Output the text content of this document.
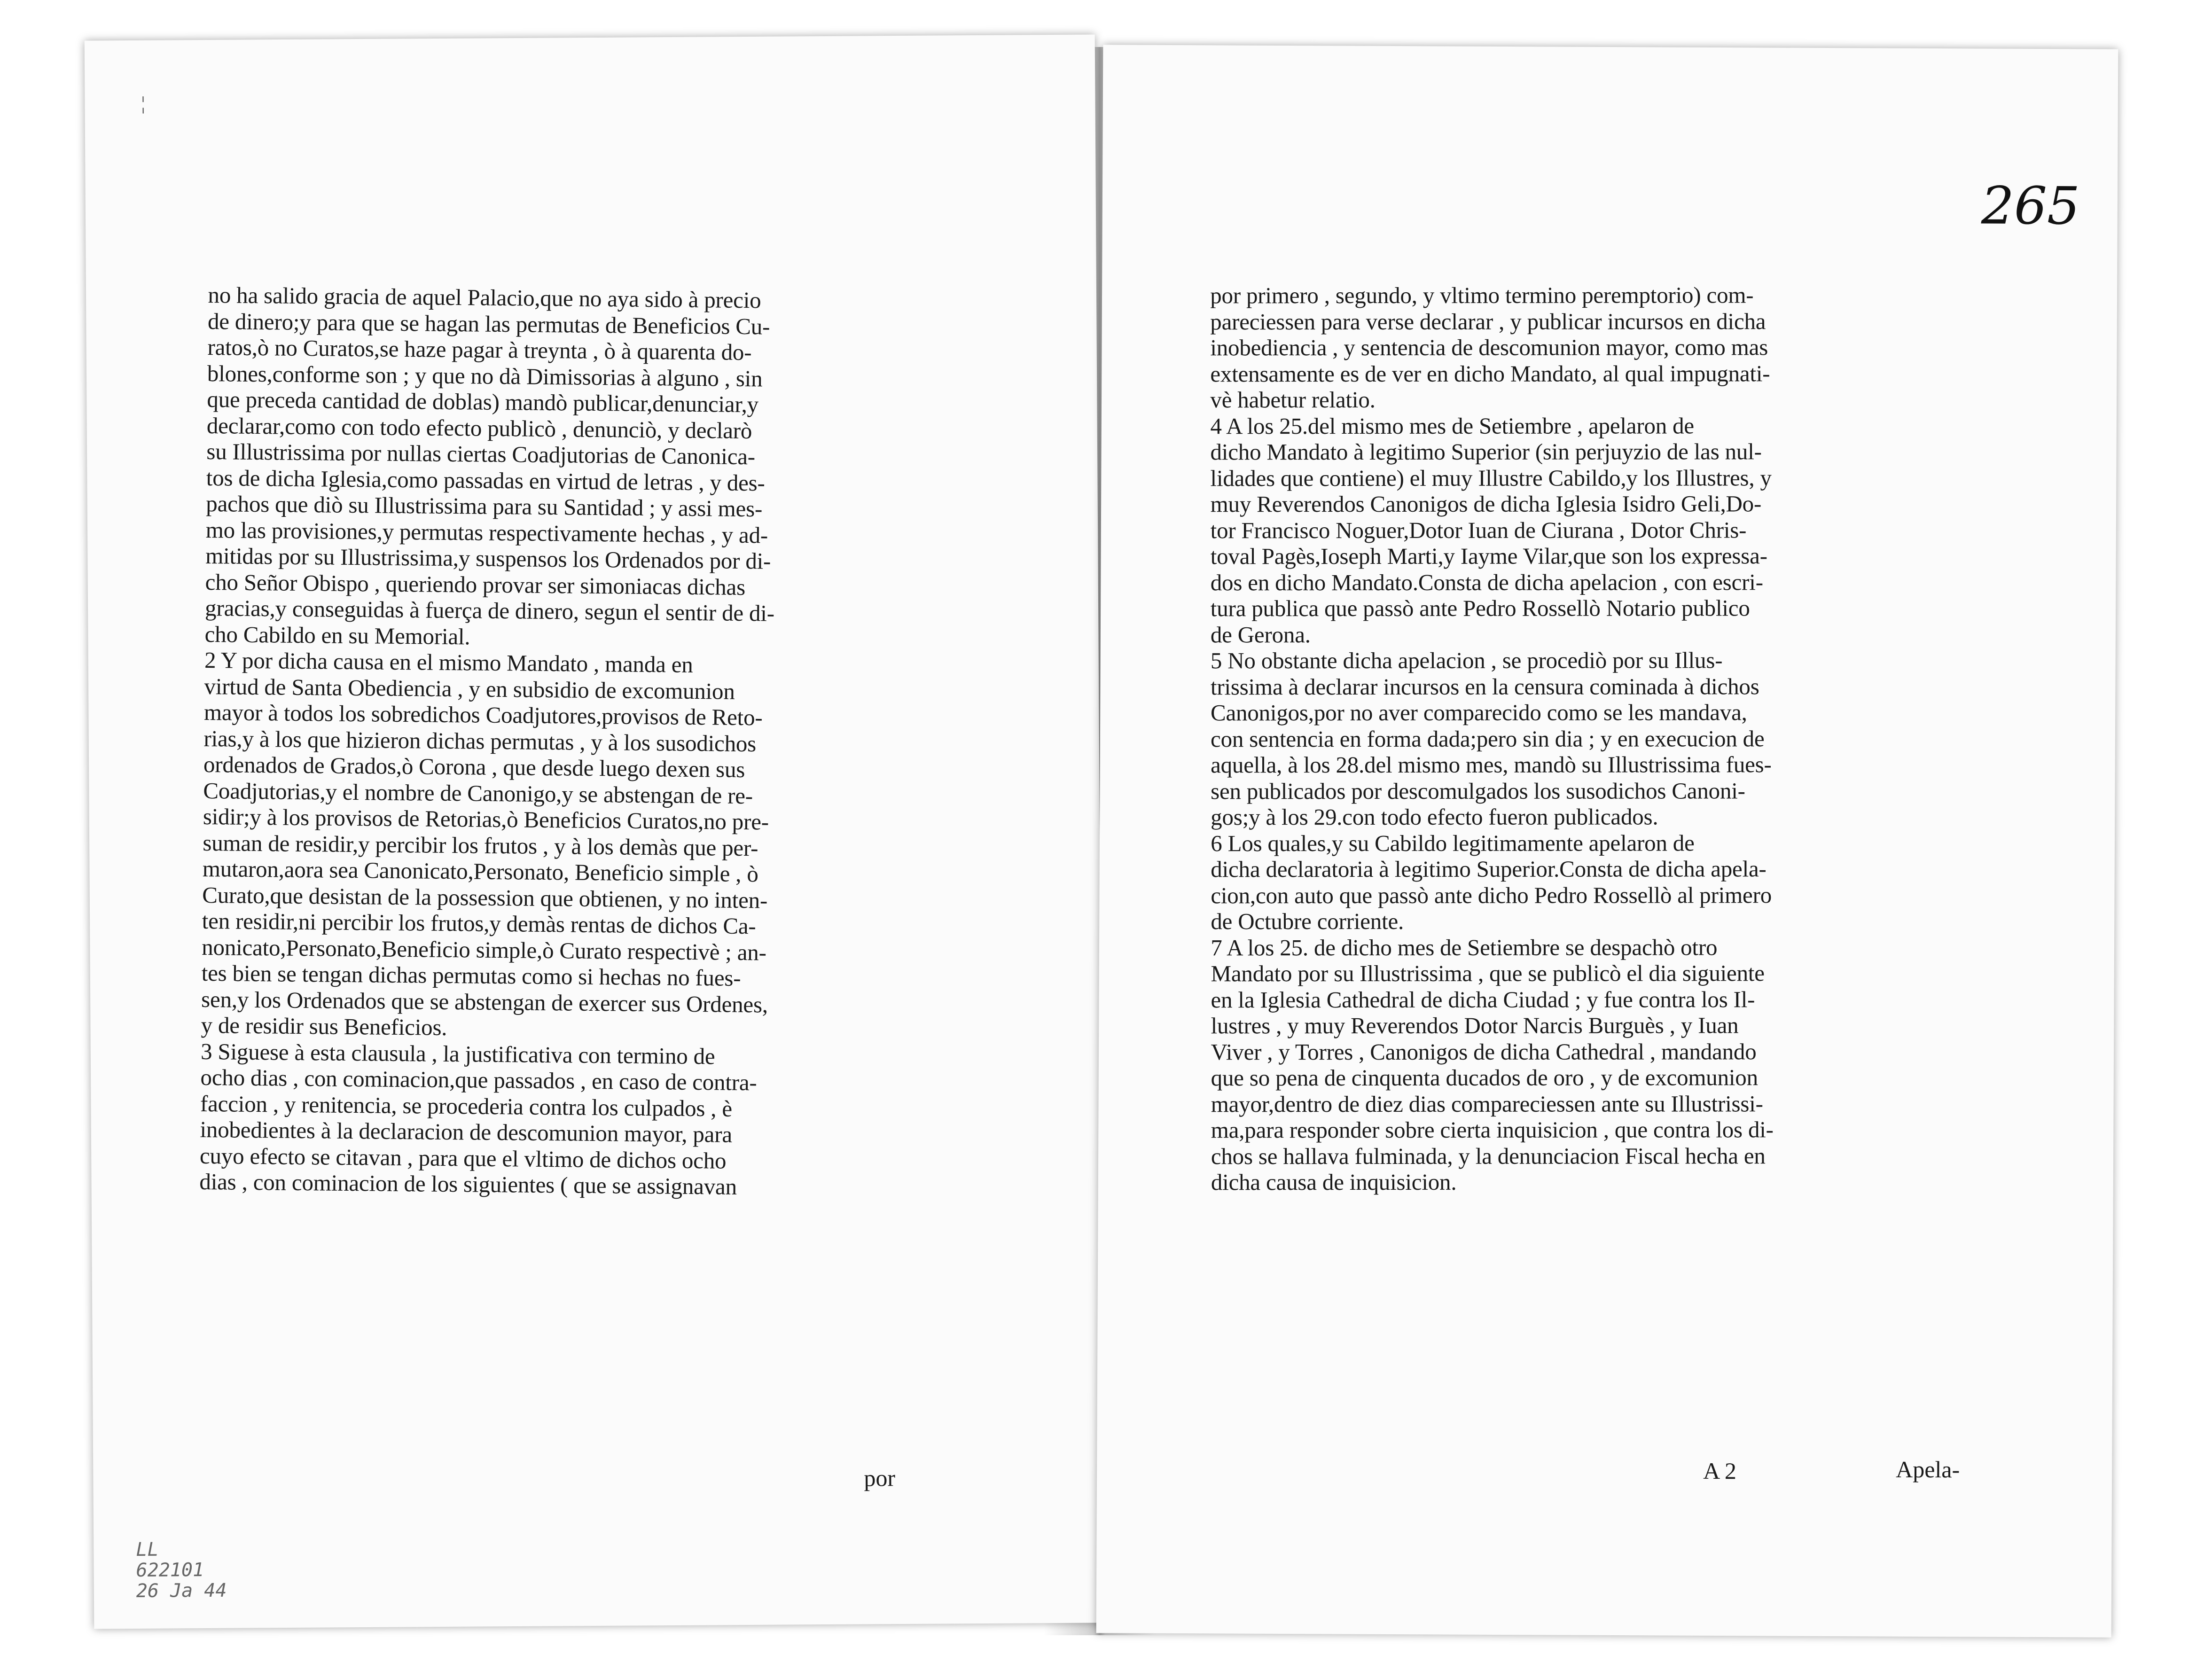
¦
no ha salido gracia de aquel Palacio,que no aya sido à precio
de dinero;y para que se hagan las permutas de Beneficios Cu-
ratos,ò no Curatos,se haze pagar à treynta , ò à quarenta do-
blones,conforme son ; y que no dà Dimissorias à alguno , sin
que preceda cantidad de doblas) mandò publicar,denunciar,y
declarar,como con todo efecto publicò , denunciò, y declarò
su Illustrissima por nullas ciertas Coadjutorias de Canonica-
tos de dicha Iglesia,como passadas en virtud de letras , y des-
pachos que diò su Illustrissima para su Santidad ; y assi mes-
mo las provisiones,y permutas respectivamente hechas , y ad-
mitidas por su Illustrissima,y suspensos los Ordenados por di-
cho Señor Obispo , queriendo provar ser simoniacas dichas
gracias,y conseguidas à fuerça de dinero, segun el sentir de di-
cho Cabildo en su Memorial.
2 Y por dicha causa en el mismo Mandato , manda en
virtud de Santa Obediencia , y en subsidio de excomunion
mayor à todos los sobredichos Coadjutores,provisos de Reto-
rias,y à los que hizieron dichas permutas , y à los susodichos
ordenados de Grados,ò Corona , que desde luego dexen sus
Coadjutorias,y el nombre de Canonigo,y se abstengan de re-
sidir;y à los provisos de Retorias,ò Beneficios Curatos,no pre-
suman de residir,y percibir los frutos , y à los demàs que per-
mutaron,aora sea Canonicato,Personato, Beneficio simple , ò
Curato,que desistan de la possession que obtienen, y no inten-
ten residir,ni percibir los frutos,y demàs rentas de dichos Ca-
nonicato,Personato,Beneficio simple,ò Curato respectivè ; an-
tes bien se tengan dichas permutas como si hechas no fues-
sen,y los Ordenados que se abstengan de exercer sus Ordenes,
y de residir sus Beneficios.
3 Siguese à esta clausula , la justificativa con termino de
ocho dias , con cominacion,que passados , en caso de contra-
faccion , y renitencia, se procederia contra los culpados , è
inobedientes à la declaracion de descomunion mayor, para
cuyo efecto se citavan , para que el vltimo de dichos ocho
dias , con cominacion de los siguientes ( que se assignavan
por
LL
622101
26 Ja 44
265
por primero , segundo, y vltimo termino peremptorio) com-
pareciessen para verse declarar , y publicar incursos en dicha
inobediencia , y sentencia de descomunion mayor, como mas
extensamente es de ver en dicho Mandato, al qual impugnati-
vè habetur relatio.
4 A los 25.del mismo mes de Setiembre , apelaron de
dicho Mandato à legitimo Superior (sin perjuyzio de las nul-
lidades que contiene) el muy Illustre Cabildo,y los Illustres, y
muy Reverendos Canonigos de dicha Iglesia Isidro Geli,Do-
tor Francisco Noguer,Dotor Iuan de Ciurana , Dotor Chris-
toval Pagès,Ioseph Marti,y Iayme Vilar,que son los expressa-
dos en dicho Mandato.Consta de dicha apelacion , con escri-
tura publica que passò ante Pedro Rossellò Notario publico
de Gerona.
5 No obstante dicha apelacion , se procediò por su Illus-
trissima à declarar incursos en la censura cominada à dichos
Canonigos,por no aver comparecido como se les mandava,
con sentencia en forma dada;pero sin dia ; y en execucion de
aquella, à los 28.del mismo mes, mandò su Illustrissima fues-
sen publicados por descomulgados los susodichos Canoni-
gos;y à los 29.con todo efecto fueron publicados.
6 Los quales,y su Cabildo legitimamente apelaron de
dicha declaratoria à legitimo Superior.Consta de dicha apela-
cion,con auto que passò ante dicho Pedro Rossellò al primero
de Octubre corriente.
7 A los 25. de dicho mes de Setiembre se despachò otro
Mandato por su Illustrissima , que se publicò el dia siguiente
en la Iglesia Cathedral de dicha Ciudad ; y fue contra los Il-
lustres , y muy Reverendos Dotor Narcis Burguès , y Iuan
Viver , y Torres , Canonigos de dicha Cathedral , mandando
que so pena de cinquenta ducados de oro , y de excomunion
mayor,dentro de diez dias compareciessen ante su Illustrissi-
ma,para responder sobre cierta inquisicion , que contra los di-
chos se hallava fulminada, y la denunciacion Fiscal hecha en
dicha causa de inquisicion.
A 2	Apela-
